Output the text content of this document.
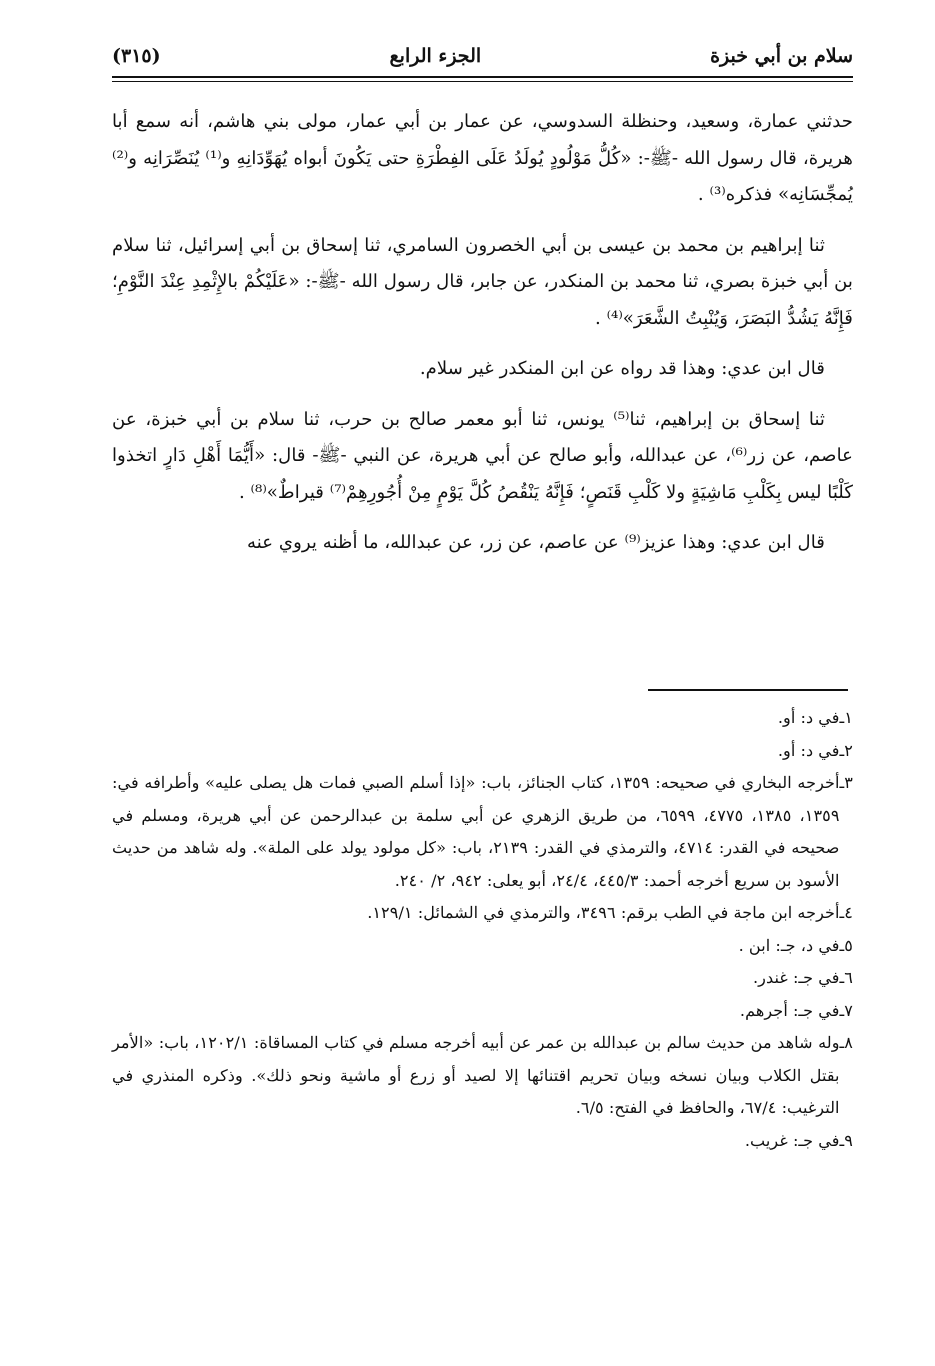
سلام بن أبي خبزة
الجزء الرابع
(٣١٥)

حدثني عمارة، وسعيد، وحنظلة السدوسي، عن عمار بن أبي عمار، مولى بني هاشم، أنه سمع أبا هريرة، قال رسول الله -ﷺ-: «كُلُّ مَوْلُودٍ يُولَدُ عَلَى الفِطْرَةِ حتى يَكُونَ أبواه يُهَوِّدَانِهِ و⁽¹⁾ يُنَصِّرَانِه و⁽²⁾ يُمجِّسَانِه» فذكره⁽³⁾ .

ثنا إبراهيم بن محمد بن عيسى بن أبي الخصرون السامري، ثنا إسحاق بن أبي إسرائيل، ثنا سلام بن أبي خبزة بصري، ثنا محمد بن المنكدر، عن جابر، قال رسول الله -ﷺ-: «عَلَيْكُمْ بالإِثْمِدِ عِنْدَ النَّوْمِ؛ فَإِنَّهُ يَشُدُّ البَصَرَ، وَيُنْبِتُ الشَّعَرَ»⁽⁴⁾ .

قال ابن عدي: وهذا قد رواه عن ابن المنكدر غير سلام.

ثنا إسحاق بن إبراهيم، ثنا⁽⁵⁾ يونس، ثنا أبو معمر صالح بن حرب، ثنا سلام بن أبي خبزة، عن عاصم، عن زر⁽⁶⁾، عن عبدالله، وأبو صالح عن أبي هريرة، عن النبي -ﷺ- قال: «أَيُّمَا أَهْلِ دَارٍ اتخذوا كَلْبًا ليس بِكَلْبِ مَاشِيَةٍ ولا كَلْبِ قَنَصٍ؛ فَإِنَّهُ يَنْقُصُ كُلَّ يَوْمٍ مِنْ أُجُورِهِمْ⁽⁷⁾ قيراطٌ»⁽⁸⁾ .

قال ابن عدي: وهذا عزيز⁽⁹⁾ عن عاصم، عن زر، عن عبدالله، ما أظنه يروي عنه

١ـ
في د: أو.
٢ـ
في د: أو.
٣ـ
أخرجه البخاري في صحيحه: ١٣٥٩، كتاب الجنائز، باب: «إذا أسلم الصبي فمات هل يصلى عليه» وأطرافه في: ١٣٥٩، ١٣٨٥، ٤٧٧٥، ٦٥٩٩، من طريق الزهري عن أبي سلمة بن عبدالرحمن عن أبي هريرة، ومسلم في صحيحه في القدر: ٤٧١٤، والترمذي في القدر: ٢١٣٩، باب: «كل مولود يولد على الملة». وله شاهد من حديث الأسود بن سريع أخرجه أحمد: ٤٤٥/٣، ٢٤/٤، أبو يعلى: ٩٤٢، ٢/ ٢٤٠.
٤ـ
أخرجه ابن ماجة في الطب برقم: ٣٤٩٦، والترمذي في الشمائل: ١٢٩/١.
٥ـ
في د، جـ: ابن .
٦ـ
في جـ: غندر.
٧ـ
في جـ: أجرهم.
٨ـ
وله شاهد من حديث سالم بن عبدالله بن عمر عن أبيه أخرجه مسلم في كتاب المساقاة: ١٢٠٢/١، باب: «الأمر بقتل الكلاب وبيان نسخه وبيان تحريم اقتنائها إلا لصيد أو زرع أو ماشية ونحو ذلك». وذكره المنذري في الترغيب: ٦٧/٤، والحافظ في الفتح: ٦/٥.
٩ـ
في جـ: غريب.
